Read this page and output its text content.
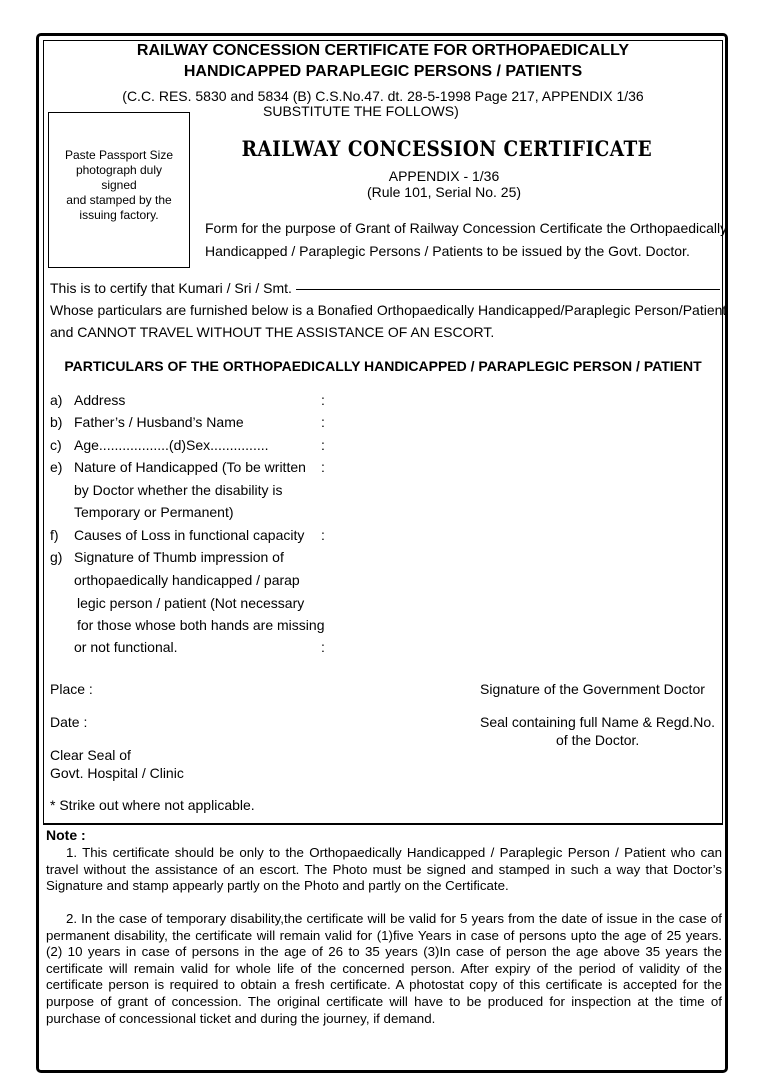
RAILWAY CONCESSION CERTIFICATE FOR ORTHOPAEDICALLY
HANDICAPPED PARAPLEGIC PERSONS / PATIENTS
(C.C. RES. 5830 and 5834 (B) C.S.No.47. dt. 28-5-1998 Page 217, APPENDIX 1/36
SUBSTITUTE THE FOLLOWS)
Paste Passport Size
photograph duly
signed
and stamped by the
issuing factory.
RAILWAY CONCESSION CERTIFICATE
APPENDIX - 1/36
(Rule 101, Serial No. 25)
Form for the purpose of Grant of Railway Concession Certificate the Orthopaedically
Handicapped / Paraplegic Persons / Patients to be issued by the Govt. Doctor.
This is to certify that Kumari / Sri / Smt.
Whose particulars are furnished below is a Bonafied Orthopaedically Handicapped/Paraplegic Person/Patient
and CANNOT TRAVEL WITHOUT THE ASSISTANCE OF AN ESCORT.
PARTICULARS OF THE ORTHOPAEDICALLY HANDICAPPED / PARAPLEGIC PERSON / PATIENT
a) Address	:
b) Father’s / Husband’s Name	:
c) Age..................(d)Sex...............	:
e) Nature of Handicapped (To be written :
by Doctor whether the disability is
Temporary or Permanent)
f) Causes of Loss in functional capacity :
g) Signature of Thumb impression of
orthopaedically handicapped / parap
legic person / patient (Not necessary
for those whose both hands are missing
or not functional.	:
Place :	Signature of the Government Doctor
Date :	Seal containing full Name & Regd.No.
of the Doctor.
Clear Seal of
Govt. Hospital / Clinic
* Strike out where not applicable.
Note :

1. This certificate should be only to the Orthopaedically Handicapped / Paraplegic Person / Patient who can travel without the assistance of an escort. The Photo must be signed and stamped in such a way that Doctor’s Signature and stamp appearly partly on the Photo and partly on the Certificate.

2. In the case of temporary disability,the certificate will be valid for 5 years from the date of issue in the case of permanent disability, the certificate will remain valid for (1)five Years in case of persons upto the age of 25 years. (2) 10 years in case of persons in the age of 26 to 35 years (3)In case of person the age above 35 years the certificate will remain valid for whole life of the concerned person. After expiry of the period of validity of the certificate person is required to obtain a fresh certificate. A photostat copy of this certificate is accepted for the purpose of grant of concession. The original certificate will have to be produced for inspection at the time of purchase of concessional ticket and during the journey, if demand.
